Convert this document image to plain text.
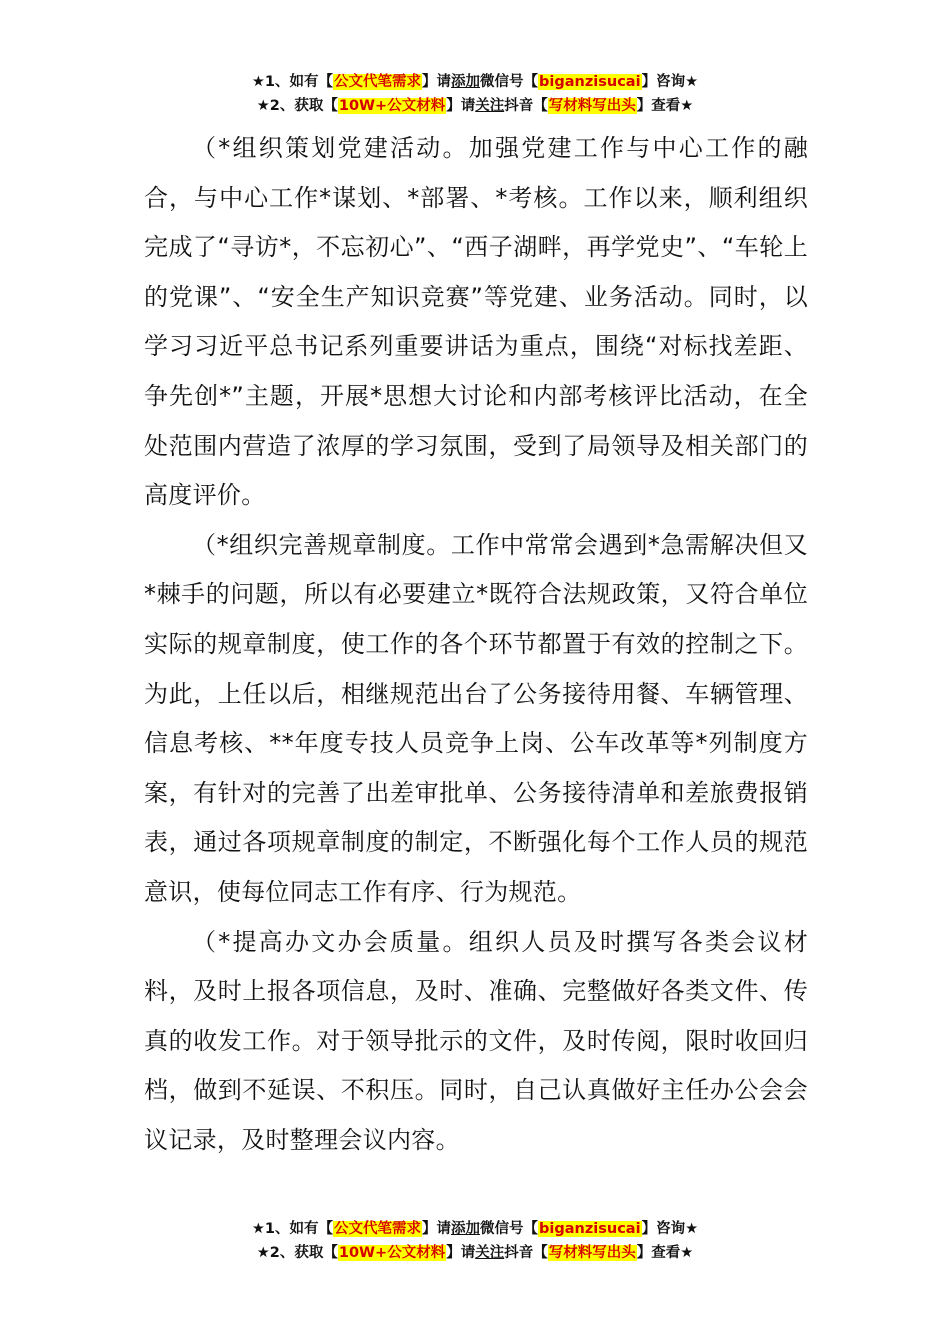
★1、如有【公文代笔需求】请添加微信号【biganzisucai】咨询★
★2、获取【10W+公文材料】请关注抖音【写材料写出头】查看★

（*组织策划党建活动。加强党建工作与中心工作的融合，与中心工作*谋划、*部署、*考核。工作以来，顺利组织完成了“寻访*，不忘初心”、“西子湖畔，再学党史”、“车轮上的党课”、“安全生产知识竞赛”等党建、业务活动。同时，以学习习近平总书记系列重要讲话为重点，围绕“对标找差距、争先创*”主题，开展*思想大讨论和内部考核评比活动，在全处范围内营造了浓厚的学习氛围，受到了局领导及相关部门的高度评价。

（*组织完善规章制度。工作中常常会遇到*急需解决但又*棘手的问题，所以有必要建立*既符合法规政策，又符合单位实际的规章制度，使工作的各个环节都置于有效的控制之下。为此，上任以后，相继规范出台了公务接待用餐、车辆管理、信息考核、**年度专技人员竞争上岗、公车改革等*列制度方案，有针对的完善了出差审批单、公务接待清单和差旅费报销表，通过各项规章制度的制定，不断强化每个工作人员的规范意识，使每位同志工作有序、行为规范。

（*提高办文办会质量。组织人员及时撰写各类会议材料，及时上报各项信息，及时、准确、完整做好各类文件、传真的收发工作。对于领导批示的文件，及时传阅，限时收回归档，做到不延误、不积压。同时，自己认真做好主任办公会会议记录，及时整理会议内容。

★1、如有【公文代笔需求】请添加微信号【biganzisucai】咨询★
★2、获取【10W+公文材料】请关注抖音【写材料写出头】查看★
